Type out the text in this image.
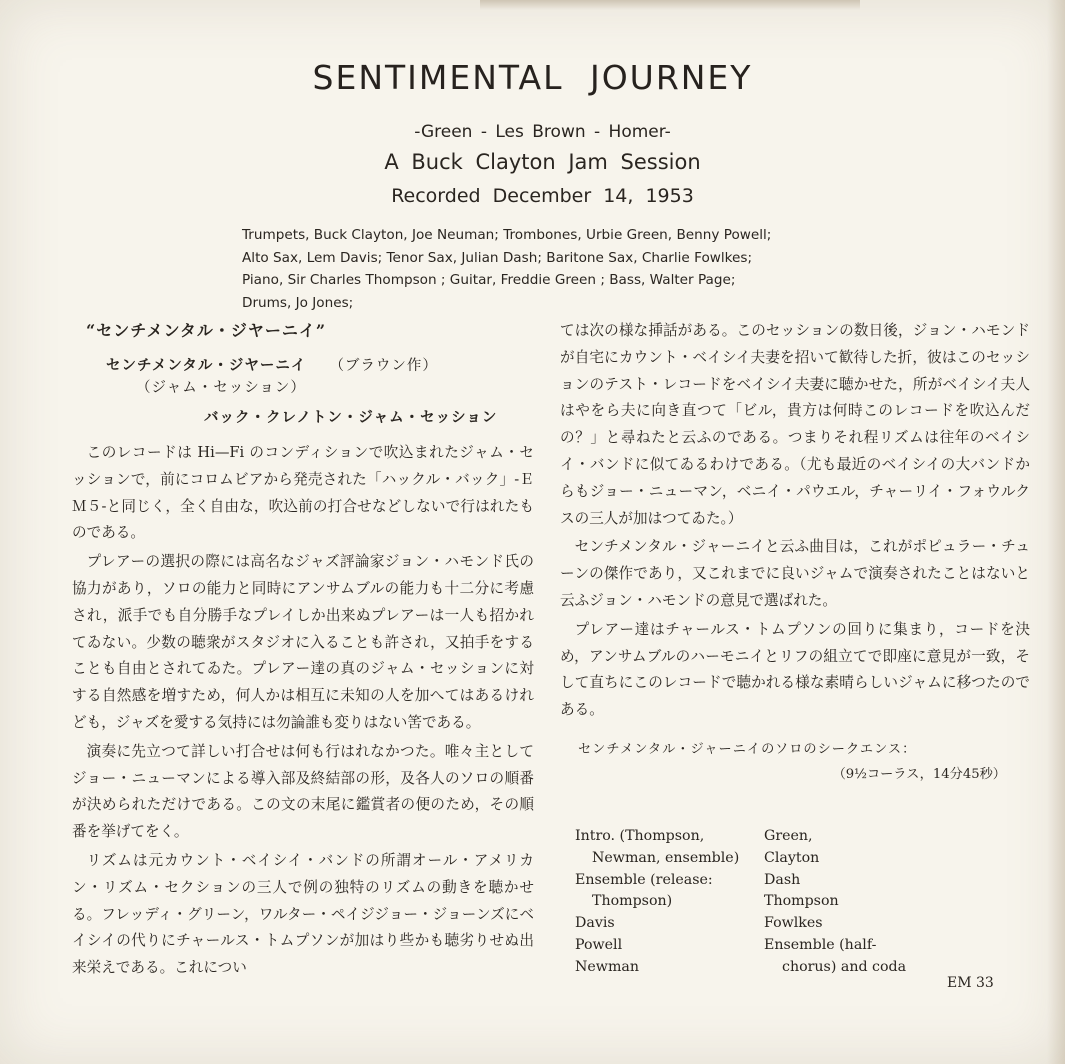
SENTIMENTAL JOURNEY
-Green - Les Brown - Homer-
A Buck Clayton Jam Session
Recorded December 14, 1953
Trumpets, Buck Clayton, Joe Neuman; Trombones, Urbie Green, Benny Powell;
Alto Sax, Lem Davis; Tenor Sax, Julian Dash; Baritone Sax, Charlie Fowlkes;
Piano, Sir Charles Thompson ; Guitar, Freddie Green ; Bass, Walter Page;
Drums, Jo Jones;
“センチメンタル・ジヤーニイ”
センチメンタル・ジヤーニイ （ブラウン作）
（ジャム・セッション）
バック・クレノトン・ジャム・セッション

このレコードは Hi—Fi のコンディションで吹込まれたジャム・セッションで，前にコロムビアから発売された「ハックル・バック」-ＥＭ５-と同じく，全く自由な，吹込前の打合せなどしないで行はれたものである。

プレアーの選択の際には高名なジャズ評論家ジョン・ハモンド氏の協力があり，ソロの能力と同時にアンサムブルの能力も十二分に考慮され，派手でも自分勝手なプレイしか出来ぬプレアーは一人も招かれてゐない。少数の聴衆がスタジオに入ることも許され，又拍手をすることも自由とされてゐた。プレアー達の真のジャム・セッションに対する自然感を増すため，何人かは相互に未知の人を加へてはあるけれども，ジャズを愛する気持には勿論誰も変りはない筈である。

演奏に先立つて詳しい打合せは何も行はれなかつた。唯々主としてジョー・ニューマンによる導入部及終結部の形，及各人のソロの順番が決められただけである。この文の末尾に鑑賞者の便のため，その順番を挙げてをく。

リズムは元カウント・ベイシイ・バンドの所謂オール・アメリカン・リズム・セクションの三人で例の独特のリズムの動きを聴かせる。フレッディ・グリーン，ワルター・ペイジジョー・ジョーンズにベイシイの代りにチャールス・トムプソンが加はり些かも聴劣りせぬ出来栄えである。これについ

ては次の様な挿話がある。このセッションの数日後，ジョン・ハモンドが自宅にカウント・ベイシイ夫妻を招いて歓待した折，彼はこのセッションのテスト・レコードをベイシイ夫妻に聴かせた，所がベイシイ夫人はやをら夫に向き直つて「ビル，貴方は何時このレコードを吹込んだの？」と尋ねたと云ふのである。つまりそれ程リズムは往年のベイシイ・バンドに似てゐるわけである。（尤も最近のベイシイの大バンドからもジョー・ニューマン，ベニイ・パウエル，チャーリイ・フォウルクスの三人が加はつてゐた。）

センチメンタル・ジャーニイと云ふ曲目は，これがポピュラー・チューンの傑作であり，又これまでに良いジャムで演奏されたことはないと云ふジョン・ハモンドの意見で選ばれた。

プレアー達はチャールス・トムプソンの回りに集まり，コードを決め，アンサムブルのハーモニイとリフの組立てで即座に意見が一致，そして直ちにこのレコードで聴かれる様な素晴らしいジャムに移つたのである。

センチメンタル・ジャーニイのソロのシークエンス：
（9½コーラス，14分45秒）
Intro. (Thompson,
Newman, ensemble)
Ensemble (release:
Thompson)
Davis
Powell
Newman
Green,
Clayton
Dash
Thompson
Fowlkes
Ensemble (half-
chorus) and coda
EM 33
